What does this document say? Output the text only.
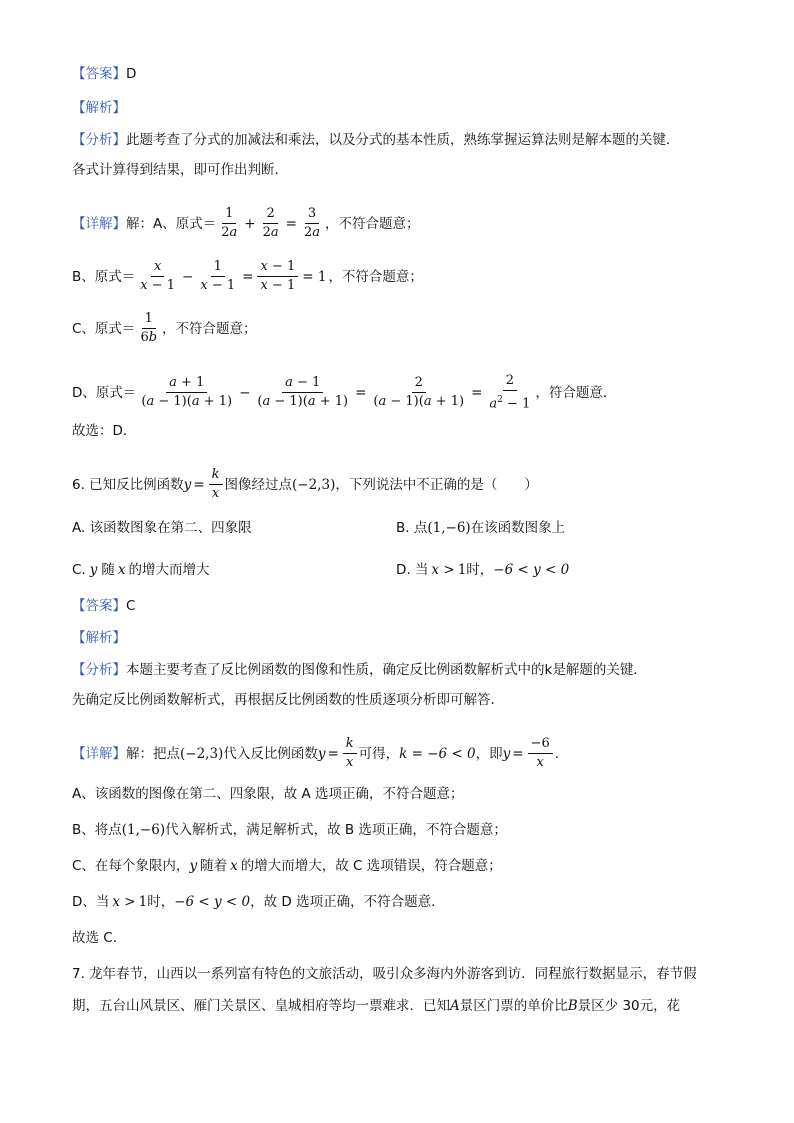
【答案】 D
【解析】
【分析】 此题考查了分式的加减法和乘法，以及分式的基本性质，熟练掌握运算法则是解本题的关键．
各式计算得到结果，即可作出判断．
【详解】 解：A、原式＝ $\frac{1}{2a} + \frac{2}{2a} = \frac{3}{2a}$ ，不符合题意；
B、原式＝ $\frac{x}{x - 1} - \frac{1}{x - 1} = \frac{x - 1}{x - 1} = 1$ ，不符合题意；
C、原式＝ $\frac{1}{6b}$ ，不符合题意；
D、原式＝ $\frac{a + 1}{(a - 1)(a + 1)} - \frac{a - 1}{(a - 1)(a + 1)} = \frac{2}{(a - 1)(a + 1)} = \frac{2}{a^2 - 1}$ ，符合题意．
故选：D．
6. 已知反比例函数 $y = \frac{k}{x}$ 图像经过点 (−2,3) ，下列说法中不正确的是（　　）
A. 该函数图象在第二、四象限	B. 点 (1,−6) 在该函数图象上
C. y 随 x 的增大而增大	D. 当 x > 1 时， −6 < y < 0
【答案】 C
【解析】
【分析】 本题主要考查了反比例函数的图像和性质，确定反比例函数解析式中的k是解题的关键．
先确定反比例函数解析式，再根据反比例函数的性质逐项分析即可解答．
【详解】 解：把点 (−2,3) 代入反比例函数 $y = \frac{k}{x}$ 可得， k = −6 < 0 ，即 $y = \frac{-6}{x}$ ．
A、该函数的图像在第二、四象限，故 A 选项正确，不符合题意；
B、将点 (1,−6) 代入解析式，满足解析式，故 B 选项正确，不符合题意；
C、在每个象限内， y 随着 x 的增大而增大，故 C 选项错误，符合题意；
D、当 x > 1 时， −6 < y < 0 ，故 D 选项正确，不符合题意．
故选 C．
7. 龙年春节，山西以一系列富有特色的文旅活动，吸引众多海内外游客到访．同程旅行数据显示，春节假
期，五台山风景区、雁门关景区、皇城相府等均一票难求．已知 A 景区门票的单价比 B 景区少 30元，花
